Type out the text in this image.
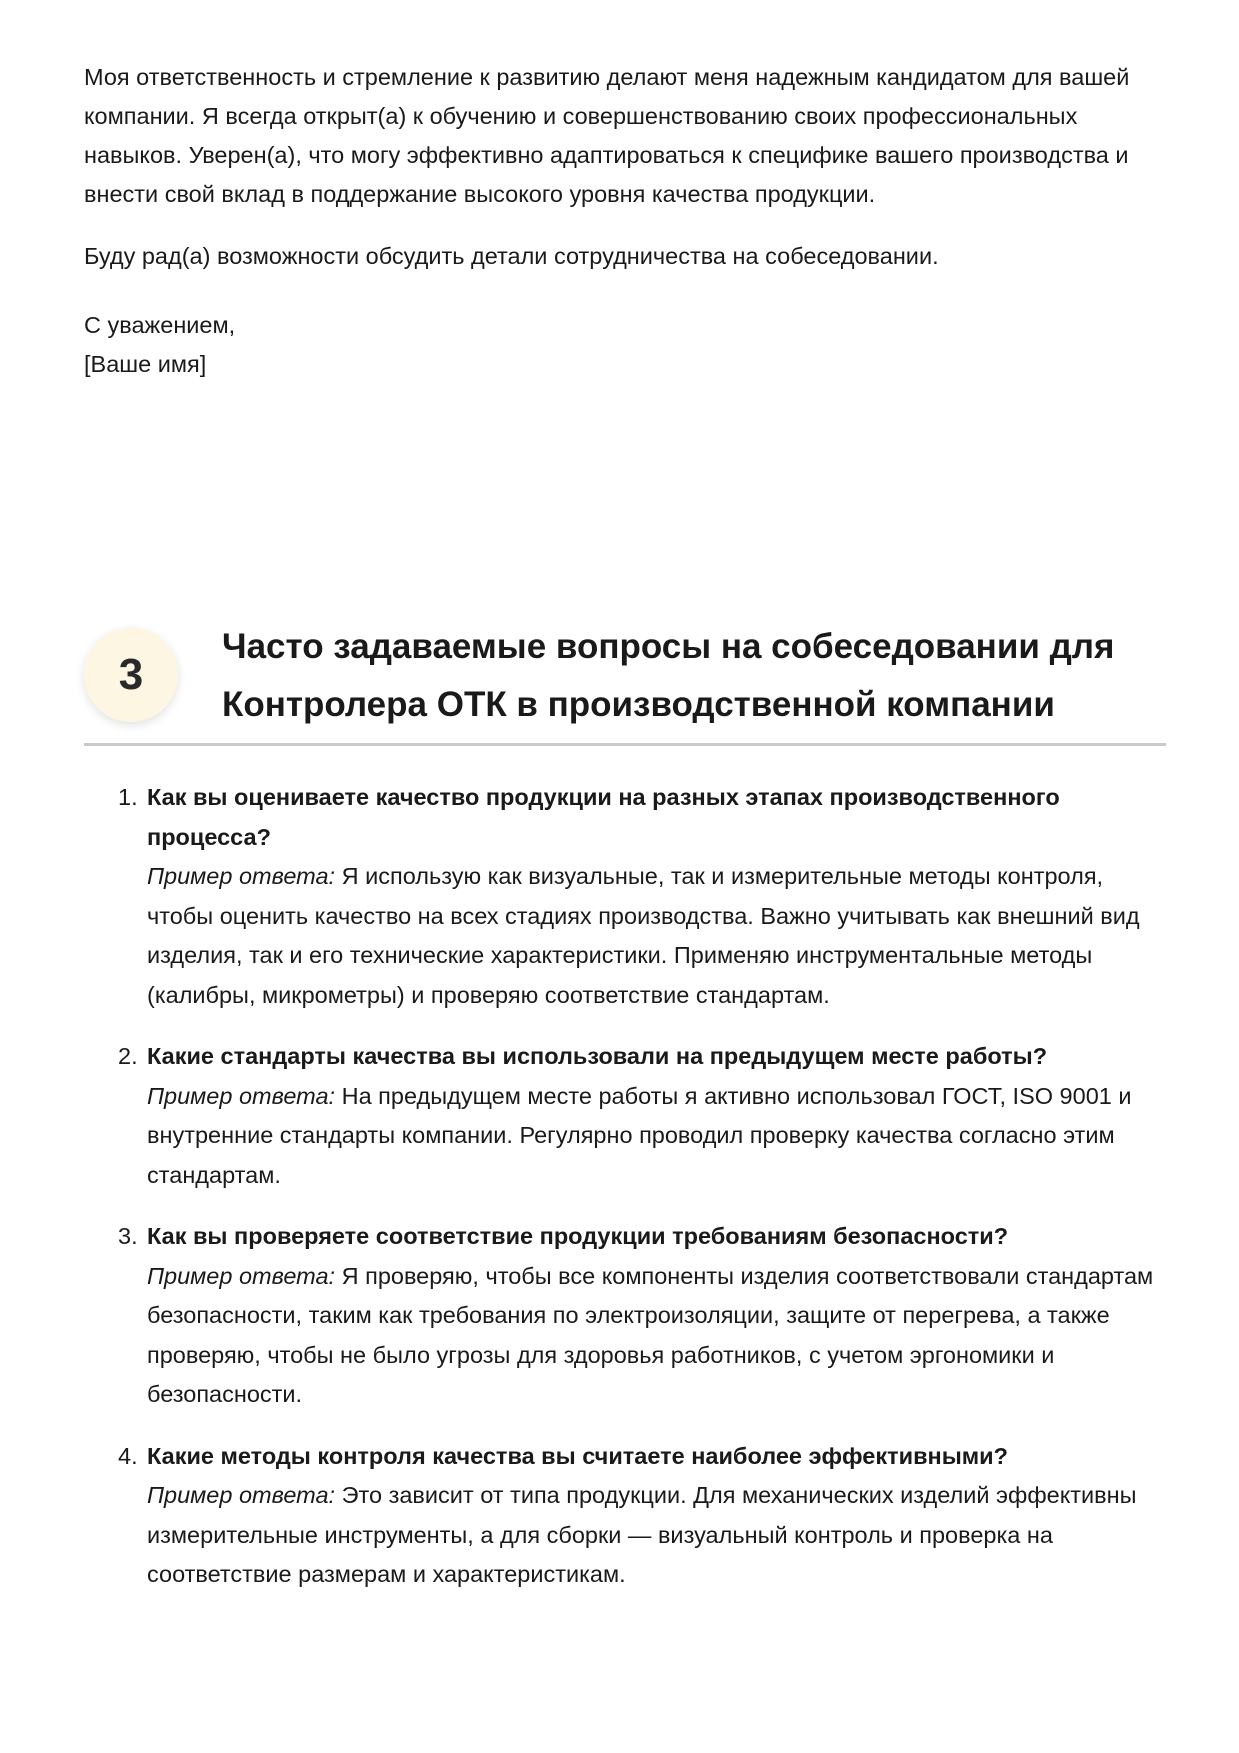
Моя ответственность и стремление к развитию делают меня надежным кандидатом для вашей компании. Я всегда открыт(а) к обучению и совершенствованию своих профессиональных навыков. Уверен(а), что могу эффективно адаптироваться к специфике вашего производства и внести свой вклад в поддержание высокого уровня качества продукции.

Буду рад(а) возможности обсудить детали сотрудничества на собеседовании.

С уважением,
[Ваше имя]
3
Часто задаваемые вопросы на собеседовании для Контролера ОТК в производственной компании
1. Как вы оцениваете качество продукции на разных этапах производственного процесса?
Пример ответа: Я использую как визуальные, так и измерительные методы контроля, чтобы оценить качество на всех стадиях производства. Важно учитывать как внешний вид изделия, так и его технические характеристики. Применяю инструментальные методы (калибры, микрометры) и проверяю соответствие стандартам.
2. Какие стандарты качества вы использовали на предыдущем месте работы?
Пример ответа: На предыдущем месте работы я активно использовал ГОСТ, ISO 9001 и внутренние стандарты компании. Регулярно проводил проверку качества согласно этим стандартам.
3. Как вы проверяете соответствие продукции требованиям безопасности?
Пример ответа: Я проверяю, чтобы все компоненты изделия соответствовали стандартам безопасности, таким как требования по электроизоляции, защите от перегрева, а также проверяю, чтобы не было угрозы для здоровья работников, с учетом эргономики и безопасности.
4. Какие методы контроля качества вы считаете наиболее эффективными?
Пример ответа: Это зависит от типа продукции. Для механических изделий эффективны измерительные инструменты, а для сборки — визуальный контроль и проверка на соответствие размерам и характеристикам.
